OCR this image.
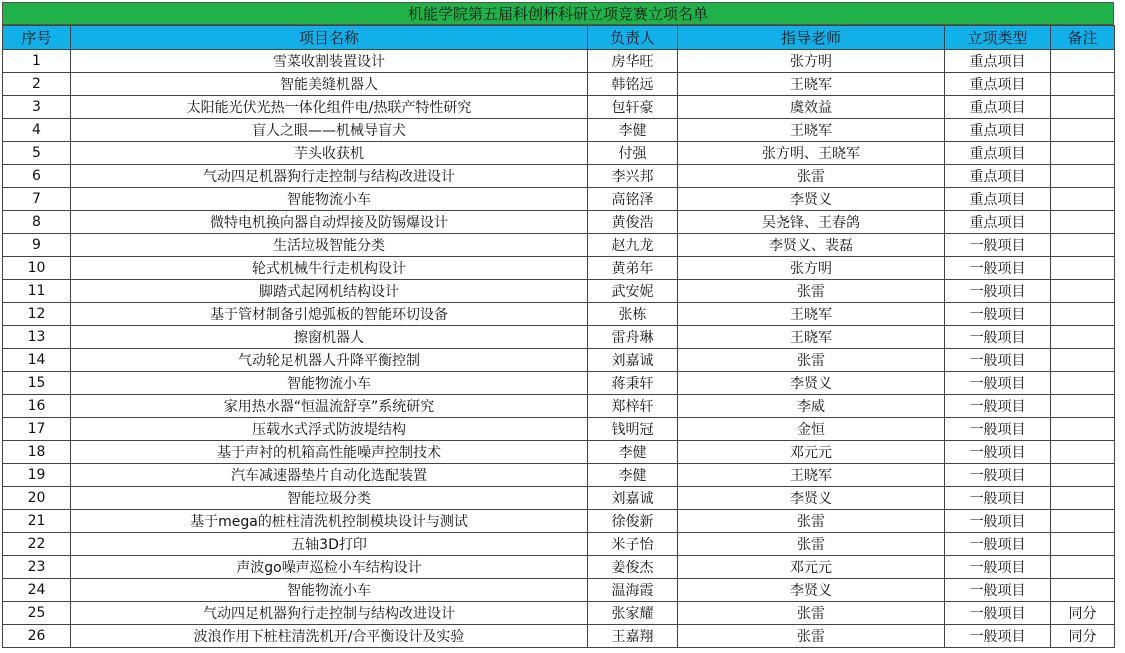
机能学院第五届科创杯科研立项竞赛立项名单
序号	项目名称	负责人	指导老师	立项类型	备注
1	雪菜收割装置设计	房华旺	张方明	重点项目	
2	智能美缝机器人	韩铭远	王晓军	重点项目	
3	太阳能光伏光热一体化组件电/热联产特性研究	包轩豪	虞效益	重点项目	
4	盲人之眼——机械导盲犬	李健	王晓军	重点项目	
5	芋头收获机	付强	张方明、王晓军	重点项目	
6	气动四足机器狗行走控制与结构改进设计	李兴邦	张雷	重点项目	
7	智能物流小车	高铭泽	李贤义	重点项目	
8	微特电机换向器自动焊接及防锡爆设计	黄俊浩	吴尧锋、王春鸽	重点项目	
9	生活垃圾智能分类	赵九龙	李贤义、裴磊	一般项目	
10	轮式机械牛行走机构设计	黄弟年	张方明	一般项目	
11	脚踏式起网机结构设计	武安妮	张雷	一般项目	
12	基于管材制备引熄弧板的智能环切设备	张栋	王晓军	一般项目	
13	擦窗机器人	雷舟琳	王晓军	一般项目	
14	气动轮足机器人升降平衡控制	刘嘉诚	张雷	一般项目	
15	智能物流小车	蒋秉轩	李贤义	一般项目	
16	家用热水器“恒温流舒享”系统研究	郑梓轩	李威	一般项目	
17	压载水式浮式防波堤结构	钱明冠	金恒	一般项目	
18	基于声衬的机箱高性能噪声控制技术	李健	邓元元	一般项目	
19	汽车减速器垫片自动化选配装置	李健	王晓军	一般项目	
20	智能垃圾分类	刘嘉诚	李贤义	一般项目	
21	基于mega的桩柱清洗机控制模块设计与测试	徐俊新	张雷	一般项目	
22	五轴3D打印	米子怡	张雷	一般项目	
23	声波go噪声巡检小车结构设计	姜俊杰	邓元元	一般项目	
24	智能物流小车	温海霞	李贤义	一般项目	
25	气动四足机器狗行走控制与结构改进设计	张家耀	张雷	一般项目	同分
26	波浪作用下桩柱清洗机开/合平衡设计及实验	王嘉翔	张雷	一般项目	同分
